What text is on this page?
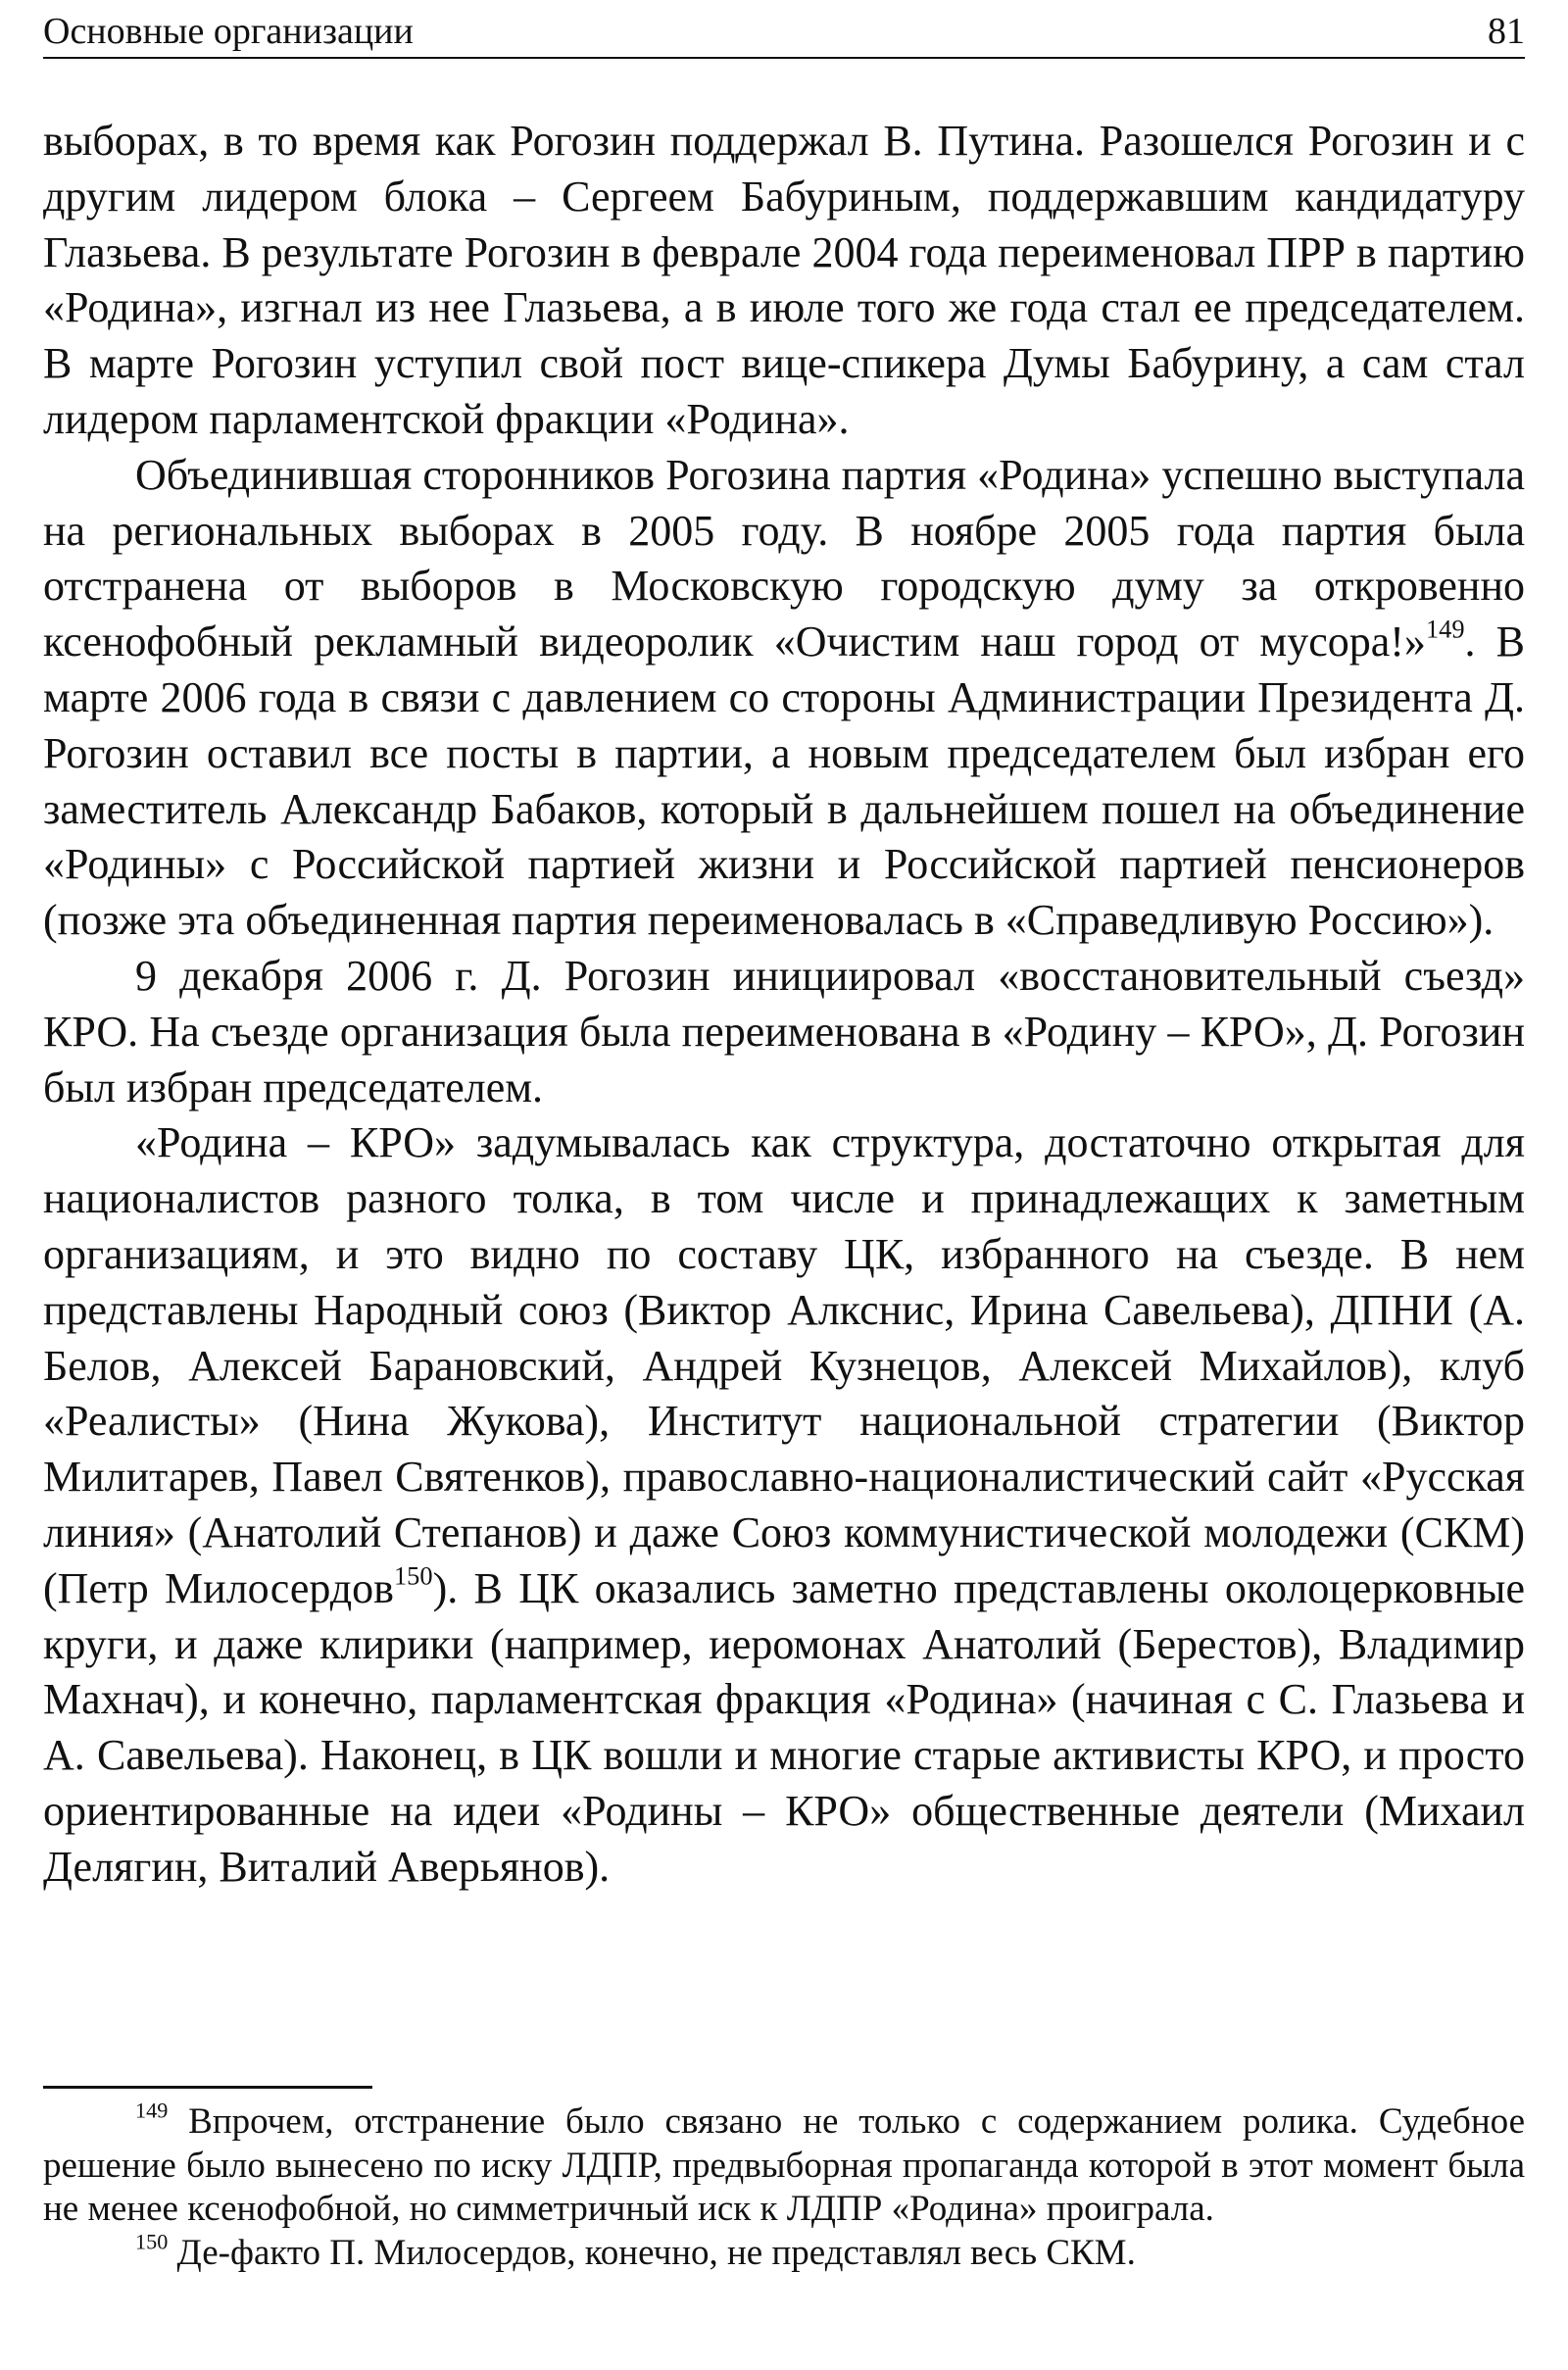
Основные организации	81

выборах, в то время как Рогозин поддержал В. Путина. Разошелся Рогозин и с другим лидером блока – Сергеем Бабуриным, поддержавшим кандидатуру Глазьева. В результате Рогозин в феврале 2004 года переименовал ПРР в партию «Родина», изгнал из нее Глазьева, а в июле того же года стал ее председателем. В марте Рогозин уступил свой пост вице-спикера Думы Бабурину, а сам стал лидером парламентской фракции «Родина».

Объединившая сторонников Рогозина партия «Родина» успешно выступала на региональных выборах в 2005 году. В ноябре 2005 года партия была отстранена от выборов в Московскую городскую думу за откровенно ксенофобный рекламный видеоролик «Очистим наш город от мусора!»$^{149}$. В марте 2006 года в связи с давлением со стороны Администрации Президента Д. Рогозин оставил все посты в партии, а новым председателем был избран его заместитель Александр Бабаков, который в дальнейшем пошел на объединение «Родины» с Российской партией жизни и Российской партией пенсионеров (позже эта объединенная партия переименовалась в «Справедливую Россию»).

9 декабря 2006 г. Д. Рогозин инициировал «восстановительный съезд» КРО. На съезде организация была переименована в «Родину – КРО», Д. Рогозин был избран председателем.

«Родина – КРО» задумывалась как структура, достаточно открытая для националистов разного толка, в том числе и принадлежащих к заметным организациям, и это видно по составу ЦК, избранного на съезде. В нем представлены Народный союз (Виктор Алкснис, Ирина Савельева), ДПНИ (А. Белов, Алексей Барановский, Андрей Кузнецов, Алексей Михайлов), клуб «Реалисты» (Нина Жукова), Институт национальной стратегии (Виктор Милитарев, Павел Святенков), православно-националистический сайт «Русская линия» (Анатолий Степанов) и даже Союз коммунистической молодежи (СКМ) (Петр Милосердов$^{150}$). В ЦК оказались заметно представлены околоцерковные круги, и даже клирики (например, иеромонах Анатолий (Берестов), Владимир Махнач), и конечно, парламентская фракция «Родина» (начиная с С. Глазьева и А. Савельева). Наконец, в ЦК вошли и многие старые активисты КРО, и просто ориентированные на идеи «Родины – КРО» общественные деятели (Михаил Делягин, Виталий Аверьянов).

$^{149}$ Впрочем, отстранение было связано не только с содержанием ролика. Судебное решение было вынесено по иску ЛДПР, предвыборная пропаганда которой в этот момент была не менее ксенофобной, но симметричный иск к ЛДПР «Родина» проиграла.

$^{150}$ Де-факто П. Милосердов, конечно, не представлял весь СКМ.
